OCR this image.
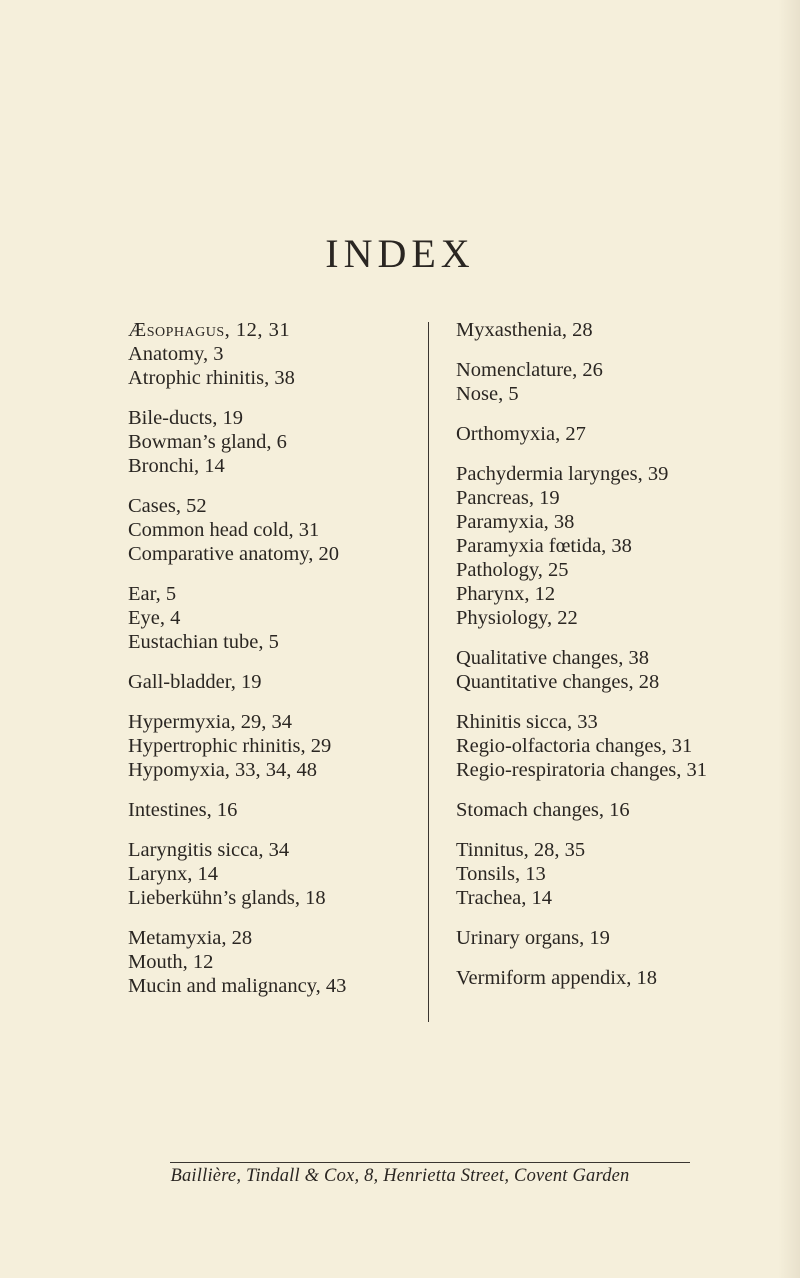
INDEX
Æsophagus, 12, 31
Anatomy, 3
Atrophic rhinitis, 38
Bile-ducts, 19
Bowman’s gland, 6
Bronchi, 14
Cases, 52
Common head cold, 31
Comparative anatomy, 20
Ear, 5
Eye, 4
Eustachian tube, 5
Gall-bladder, 19
Hypermyxia, 29, 34
Hypertrophic rhinitis, 29
Hypomyxia, 33, 34, 48
Intestines, 16
Laryngitis sicca, 34
Larynx, 14
Lieberkühn’s glands, 18
Metamyxia, 28
Mouth, 12
Mucin and malignancy, 43
Myxasthenia, 28
Nomenclature, 26
Nose, 5
Orthomyxia, 27
Pachydermia larynges, 39
Pancreas, 19
Paramyxia, 38
Paramyxia fœtida, 38
Pathology, 25
Pharynx, 12
Physiology, 22
Qualitative changes, 38
Quantitative changes, 28
Rhinitis sicca, 33
Regio-olfactoria changes, 31
Regio-respiratoria changes, 31
Stomach changes, 16
Tinnitus, 28, 35
Tonsils, 13
Trachea, 14
Urinary organs, 19
Vermiform appendix, 18
Baillière, Tindall & Cox, 8, Henrietta Street, Covent Garden
